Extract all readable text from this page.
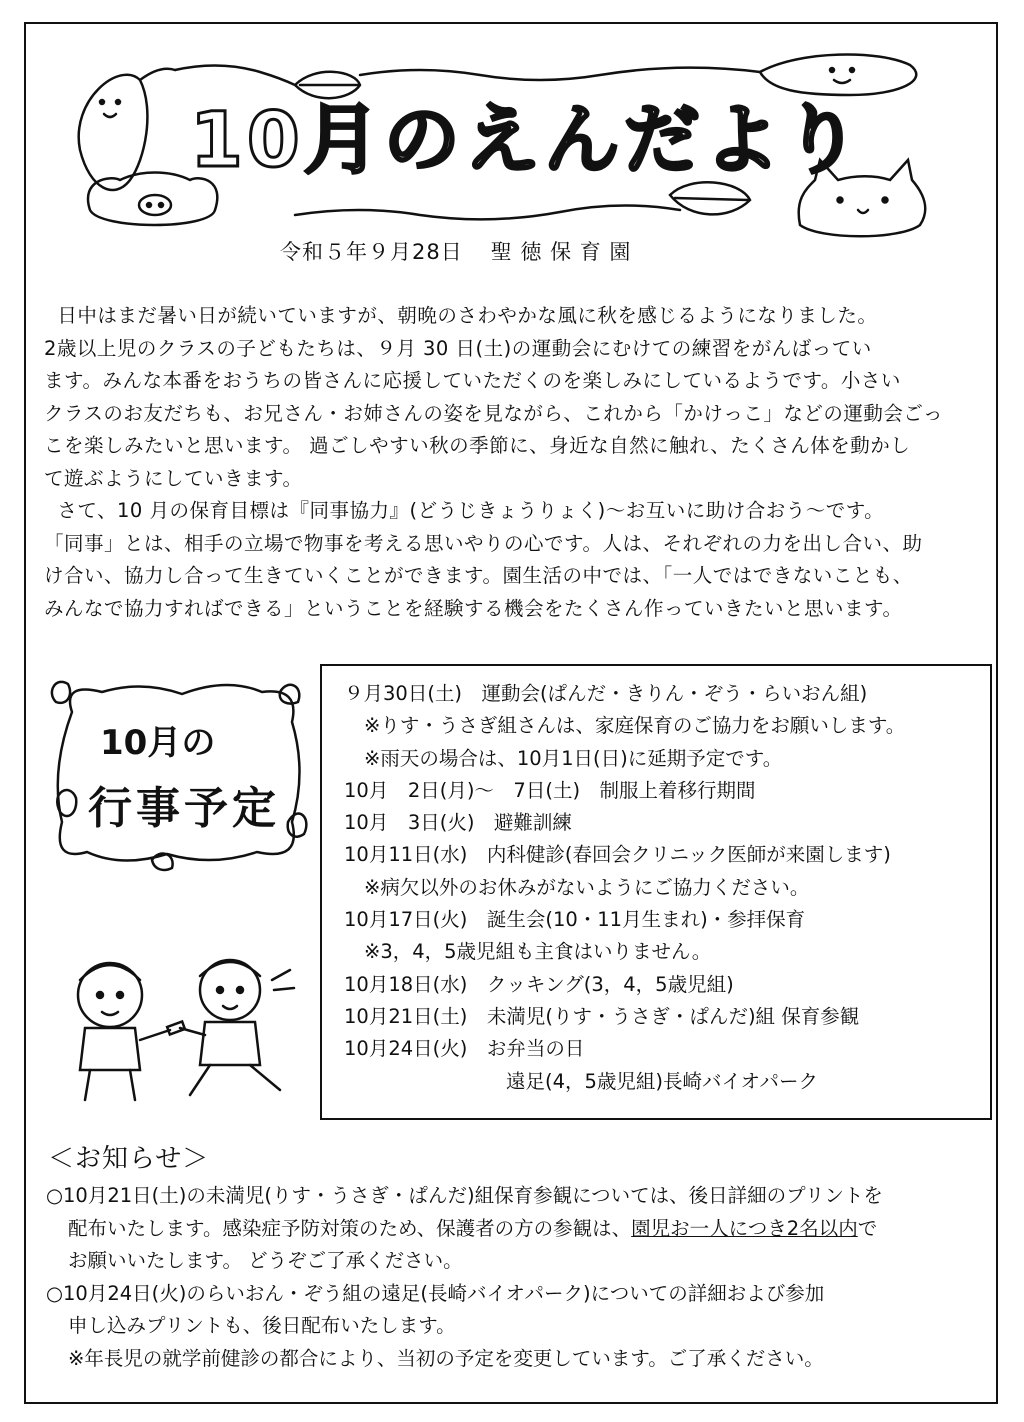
10月のえんだより
令和５年９月28日 聖 徳 保 育 園

日中はまだ暑い日が続いていますが、朝晩のさわやかな風に秋を感じるようになりました。
2歳以上児のクラスの子どもたちは、９月 30 日(土)の運動会にむけての練習をがんばってい
ます。みんな本番をおうちの皆さんに応援していただくのを楽しみにしているようです。小さい
クラスのお友だちも、お兄さん・お姉さんの姿を見ながら、これから「かけっこ」などの運動会ごっ
こを楽しみたいと思います。 過ごしやすい秋の季節に、身近な自然に触れ、たくさん体を動かし
て遊ぶようにしていきます。

さて、10 月の保育目標は『同事協力』(どうじきょうりょく)～お互いに助け合おう～です。
「同事」とは、相手の立場で物事を考える思いやりの心です。人は、それぞれの力を出し合い、助
け合い、協力し合って生きていくことができます。園生活の中では、「一人ではできないことも、
みんなで協力すればできる」ということを経験する機会をたくさん作っていきたいと思います。

10月の
行事予定
９月30日(土)　運動会(ぱんだ・きりん・ぞう・らいおん組)
※りす・うさぎ組さんは、家庭保育のご協力をお願いします。
※雨天の場合は、10月1日(日)に延期予定です。
10月　2日(月)～　7日(土)　制服上着移行期間
10月　3日(火)　避難訓練
10月11日(水)　内科健診(春回会クリニック医師が来園します)
※病欠以外のお休みがないようにご協力ください。
10月17日(火)　誕生会(10・11月生まれ)・参拝保育
※3，4，5歳児組も主食はいりません。
10月18日(水)　クッキング(3，4，5歳児組)
10月21日(土)　未満児(りす・うさぎ・ぱんだ)組 保育参観
10月24日(火)　お弁当の日
遠足(4，5歳児組)長崎バイオパーク
＜お知らせ＞
○10月21日(土)の未満児(りす・うさぎ・ぱんだ)組保育参観については、後日詳細のプリントを
配布いたします。感染症予防対策のため、保護者の方の参観は、園児お一人につき2名以内で
お願いいたします。 どうぞご了承ください。
○10月24日(火)のらいおん・ぞう組の遠足(長崎バイオパーク)についての詳細および参加
申し込みプリントも、後日配布いたします。
※年長児の就学前健診の都合により、当初の予定を変更しています。ご了承ください。
